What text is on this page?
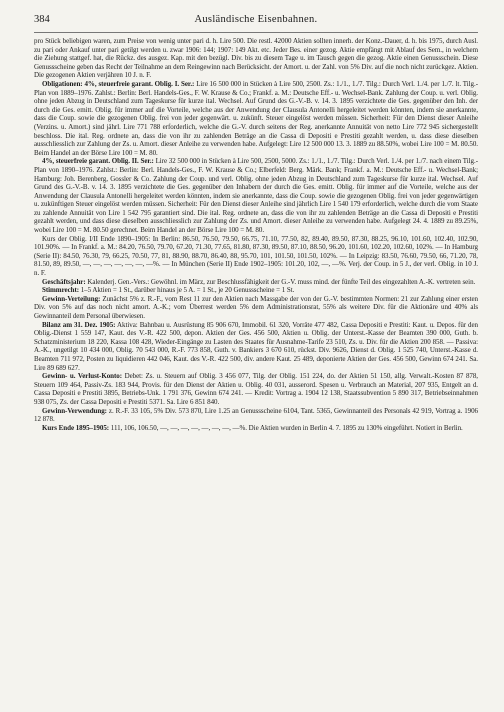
384	Ausländische Eisenbahnen.

pro Stück beliebigen waren, zum Preise von wenig unter pari d. h. Lire 500. Die restl. 42000 Aktien sollten innerh. der Konz.-Dauer, d. h. bis 1975, durch Ausl. zu pari oder Ankauf unter pari getilgt werden u. zwar 1906: 144; 1907: 149 Akt. etc. Jeder Bes. einer gezog. Aktie empfängt mit Ablauf des Sem., in welchem die Ziehung stattgef. hat, die Rückz. des ausgez. Kap. mit den bezügl. Div. bis zu diesem Tage u. im Tausch gegen die gezog. Aktie einen Genussschein. Diese Genussscheine geben das Recht der Teilnahme an dem Reingewinn nach Berücksicht. der Amort. u. der Zahl. von 5% Div. auf die noch nicht zurückgez. Aktien. Die gezogenen Aktien verjähren 10 J. n. F.

Obligationen: 4%, steuerfreie garant. Oblig. I. Ser.: Lire 16 500 000 in Stücken à Lire 500, 2500. Zs.: 1./1., 1./7. Tilg.: Durch Verl. 1./4. per 1./7. lt. Tilg.-Plan von 1889–1976. Zahlst.: Berlin: Berl. Handels-Ges., F. W. Krause & Co.; Frankf. a. M.: Deutsche Eff.- u. Wechsel-Bank. Zahlung der Coup. u. verl. Oblig. ohne jeden Abzug in Deutschland zum Tageskurse für kurze ital. Wechsel. Auf Grund des G.-V.-B. v. 14. 3. 1895 verzichtete die Ges. gegenüber den Inh. der durch die Ges. emitt. Oblig. für immer auf die Vorteile, welche aus der Anwendung der Clausula Antonelli hergeleitet werden könnten, indem sie anerkannte, dass die Coup. sowie die gezogenen Oblig. frei von jeder gegenwärt. u. zukünft. Steuer eingelöst werden müssen. Sicherheit: Für den Dienst dieser Anleihe (Verzins. u. Amort.) sind jährl. Lire 771 788 erforderlich, welche die G.-V. durch seitens der Reg. anerkannte Annuität von netto Lire 772 945 sichergestellt beschloss. Die ital. Reg. ordnete an, dass die von ihr zu zahlenden Beträge an die Cassa di Depositi e Prestiti gezahlt werden, u. dass diese dieselben ausschliesslich zur Zahlung der Zs. u. Amort. dieser Anleihe zu verwenden habe. Aufgelegt: Lire 12 500 000 13. 3. 1889 zu 88.50%, wobei Lire 100 = M. 80.50. Beim Handel an der Börse Lire 100 = M. 80.

4%, steuerfreie garant. Oblig. II. Ser.: Lire 32 500 000 in Stücken à Lire 500, 2500, 5000. Zs.: 1./1., 1./7. Tilg.: Durch Verl. 1./4. per 1./7. nach einem Tilg.-Plan von 1890–1976. Zahlst.: Berlin: Berl. Handels-Ges., F. W. Krause & Co.; Elberfeld: Berg. Märk. Bank; Frankf. a. M.: Deutsche Eff.- u. Wechsel-Bank; Hamburg: Joh. Berenberg, Gossler & Co. Zahlung der Coup. und verl. Oblig. ohne jeden Abzug in Deutschland zum Tageskurse für kurze ital. Wechsel. Auf Grund des G.-V.-B. v. 14. 3. 1895 verzichtete die Ges. gegenüber den Inhabern der durch die Ges. emitt. Oblig. für immer auf die Vorteile, welche aus der Anwendung der Clausula Antonelli hergeleitet werden könnten, indem sie anerkannte, dass die Coup. sowie die gezogenen Oblig. frei von jeder gegenwärtigen u. zukünftigen Steuer eingelöst werden müssen. Sicherheit: Für den Dienst dieser Anleihe sind jährlich Lire 1 540 179 erforderlich, welche durch die vom Staate zu zahlende Annuität von Lire 1 542 795 garantiert sind. Die ital. Reg. ordnete an, dass die von ihr zu zahlenden Beträge an die Cassa di Depositi e Prestiti gezahlt werden, und dass diese dieselben ausschliesslich zur Zahlung der Zs. und Amort. dieser Anleihe zu verwenden habe. Aufgelegt 24. 4. 1889 zu 89.25%, wobei Lire 100 = M. 80.50 gerechnet. Beim Handel an der Börse Lire 100 = M. 80.

Kurs der Oblig. I/II Ende 1890–1905: In Berlin: 86.50, 76.50, 79.50, 66.75, 71.10, 77.50, 82, 89.40, 89.50, 87.30, 88.25, 96.10, 101.60, 102.40, 102.90, 101.90%. — In Frankf. a. M.: 84.20, 76.50, 79.70, 67.20, 71.30, 77.65, 81.80, 87.30, 89.50, 87.10, 88.50, 96.20, 101.60, 102.20, 102.60, 102%. — In Hamburg (Serie II): 84.50, 76.30, 79, 66.25, 70.50, 77, 81, 88.90, 88.70, 86.40, 88, 95.70, 101, 101.50, 101.50, 102%. — In Leipzig: 83.50, 76.60, 79.50, 66, 71.20, 78, 81.50, 89, 89.50, —, —, —, —, —, —, —%. — In München (Serie II) Ende 1902–1905: 101.20, 102, —, —%. Verj. der Coup. in 5 J., der verl. Oblig. in 10 J. n. F.

Geschäftsjahr: Kalenderj. Gen.-Vers.: Gewöhnl. im März, zur Beschlussfähigkeit der G.-V. muss mind. der fünfte Teil des eingezahlten A.-K. vertreten sein.

Stimmrecht: 1–5 Aktien = 1 St., darüber hinaus je 5 A. = 1 St., je 20 Genussscheine = 1 St.

Gewinn-Verteilung: Zunächst 5% z. R.-F., vom Rest 11 zur den Aktien nach Massgabe der von der G.-V. bestimmten Normen: 21 zur Zahlung einer ersten Div. von 5% auf das noch nicht amort. A.-K.; vom Überrest werden 5% dem Administrationsrat, 55% als weitere Div. für die Aktionäre und 40% als Gewinnanteil dem Personal überwiesen.

Bilanz am 31. Dez. 1905: Aktiva: Bahnbau u. Ausrüstung 85 906 670, Immobil. 61 320, Vorräte 477 482, Cassa Depositi e Prestiti: Kaut. u. Depos. für den Oblig.-Dienst 1 559 147, Kaut. des V.-R. 422 500, depon. Aktien der Ges. 456 500, Aktien u. Oblig. der Unterst.-Kasse der Beamten 390 000, Guth. b. Schatzministerium 18 220, Kassa 108 428, Wieder-Eingänge zu Lasten des Staates für Ausnahme-Tarife 23 510, Zs. u. Div. für die Aktien 200 858. — Passiva: A.-K., ungetilgt 10 434 000, Oblig. 70 543 000, R.-F. 773 858, Guth. v. Bankiers 3 670 610, rückst. Div. 9626, Dienst d. Oblig. 1 525 740, Unterst.-Kasse d. Beamten 711 972, Posten zu liquidieren 442 046, Kaut. des V.-R. 422 500, div. andere Kaut. 25 489, deponierte Aktien der Ges. 456 500, Gewinn 674 241. Sa. Lire 89 689 627.

Gewinn- u. Verlust-Konto: Debet: Zs. u. Steuern auf Oblig. 3 456 077, Tilg. der Oblig. 151 224, do. der Aktien 51 150, allg. Verwalt.-Kosten 87 878, Steuern 109 464, Passiv-Zs. 183 944, Provis. für den Dienst der Aktien u. Oblig. 40 031, ausserord. Spesen u. Verbrauch an Material, 207 935, Entgelt an d. Cassa Depositi e Prestiti 3895, Betriebs-Unk. 1 791 376, Gewinn 674 241. — Kredit: Vortrag a. 1904 12 138, Staatssubvention 5 890 317, Betriebseinnahmen 938 075, Zs. der Cassa Depositi e Prestiti 5371. Sa. Lire 6 851 840.

Gewinn-Verwendung: z. R.-F. 33 105, 5% Div. 573 870, Lire 1.25 an Genussscheine 6104, Tant. 5365, Gewinnanteil des Personals 42 919, Vortrag a. 1906 12 878.

Kurs Ende 1895–1905: 111, 106, 106.50, —, —, —, —, —, —, —, —%. Die Aktien wurden in Berlin 4. 7. 1895 zu 130% eingeführt. Notiert in Berlin.
